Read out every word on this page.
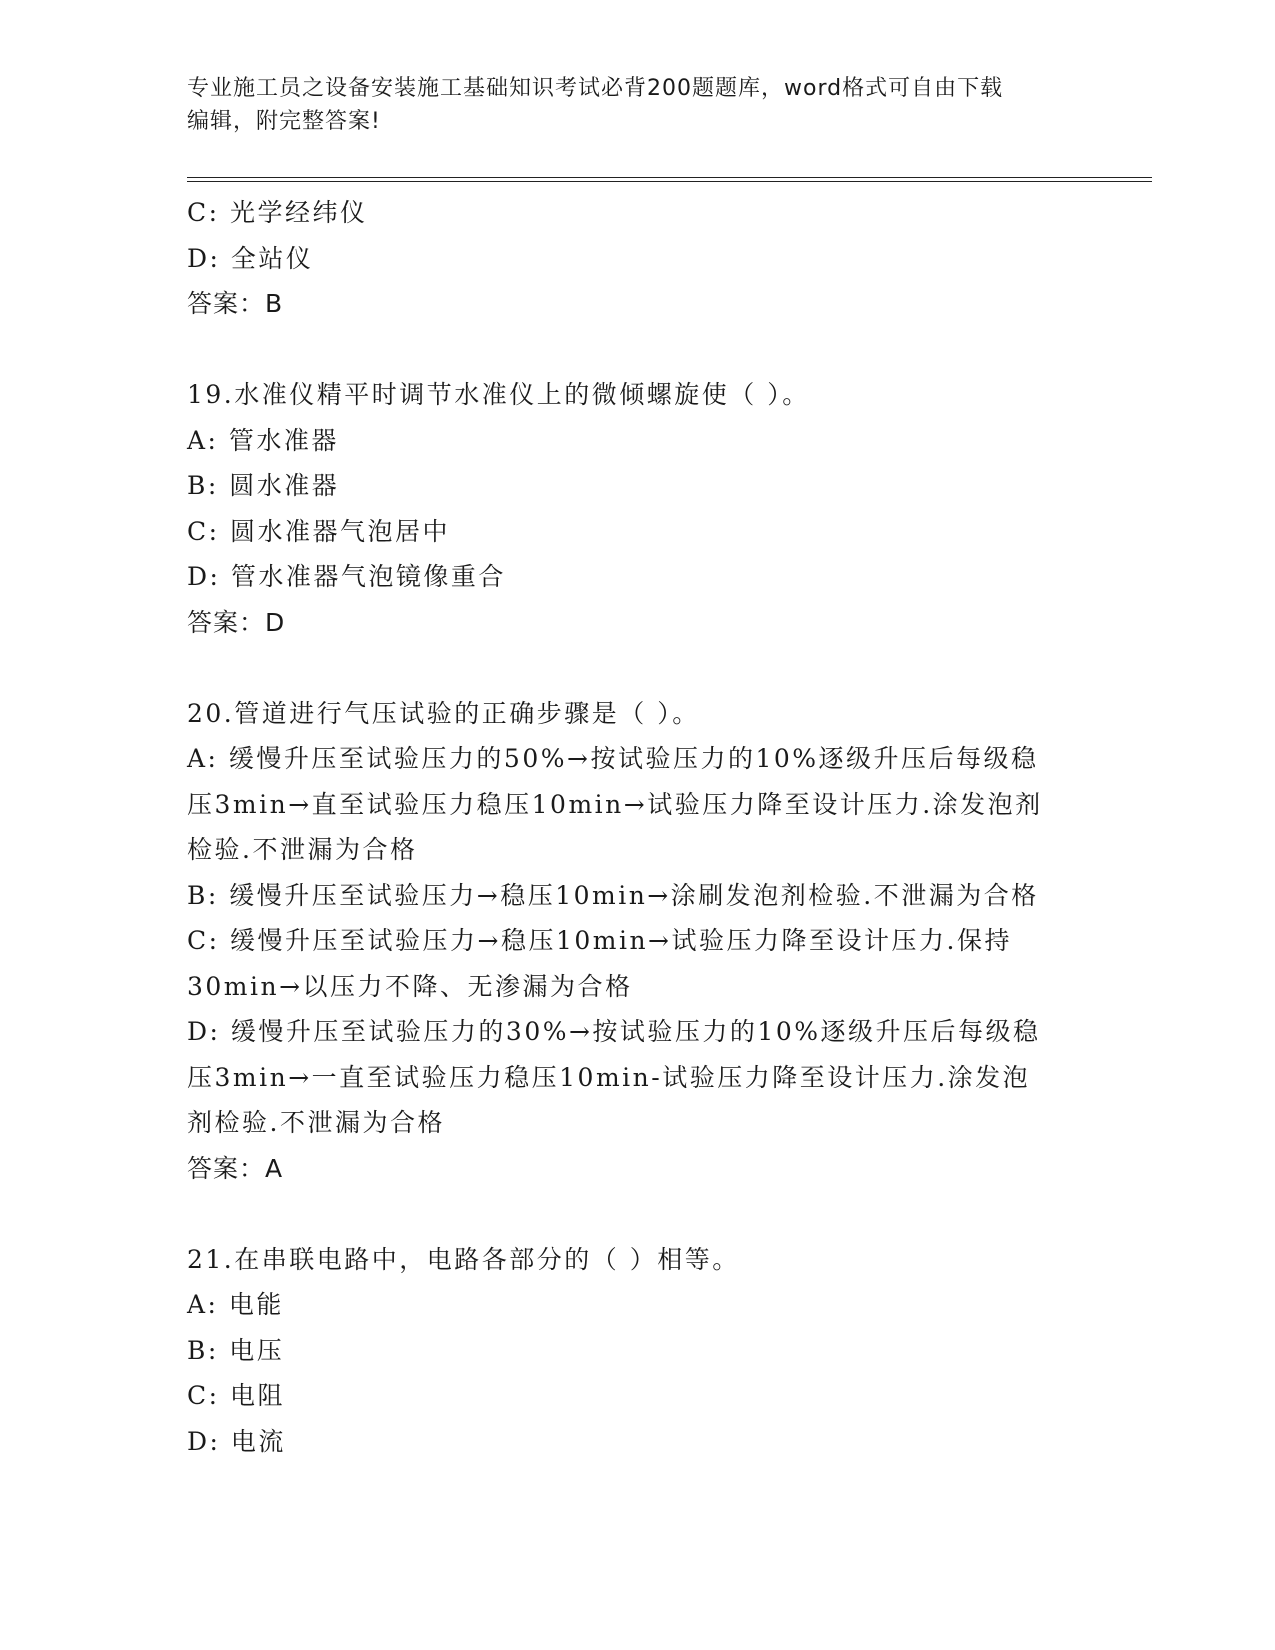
专业施工员之设备安装施工基础知识考试必背200题题库，word格式可自由下载
编辑，附完整答案!
C: 光学经纬仪
D: 全站仪
答案：B
19.水准仪精平时调节水准仪上的微倾螺旋使（ ）。
A: 管水准器
B: 圆水准器
C: 圆水准器气泡居中
D: 管水准器气泡镜像重合
答案：D
20.管道进行气压试验的正确步骤是（ ）。
A: 缓慢升压至试验压力的50%→按试验压力的10%逐级升压后每级稳
压3min→直至试验压力稳压10min→试验压力降至设计压力.涂发泡剂
检验.不泄漏为合格
B: 缓慢升压至试验压力→稳压10min→涂刷发泡剂检验.不泄漏为合格
C: 缓慢升压至试验压力→稳压10min→试验压力降至设计压力.保持
30min→以压力不降、无渗漏为合格
D: 缓慢升压至试验压力的30%→按试验压力的10%逐级升压后每级稳
压3min→一直至试验压力稳压10min-试验压力降至设计压力.涂发泡
剂检验.不泄漏为合格
答案：A
21.在串联电路中，电路各部分的（ ）相等。
A: 电能
B: 电压
C: 电阻
D: 电流
